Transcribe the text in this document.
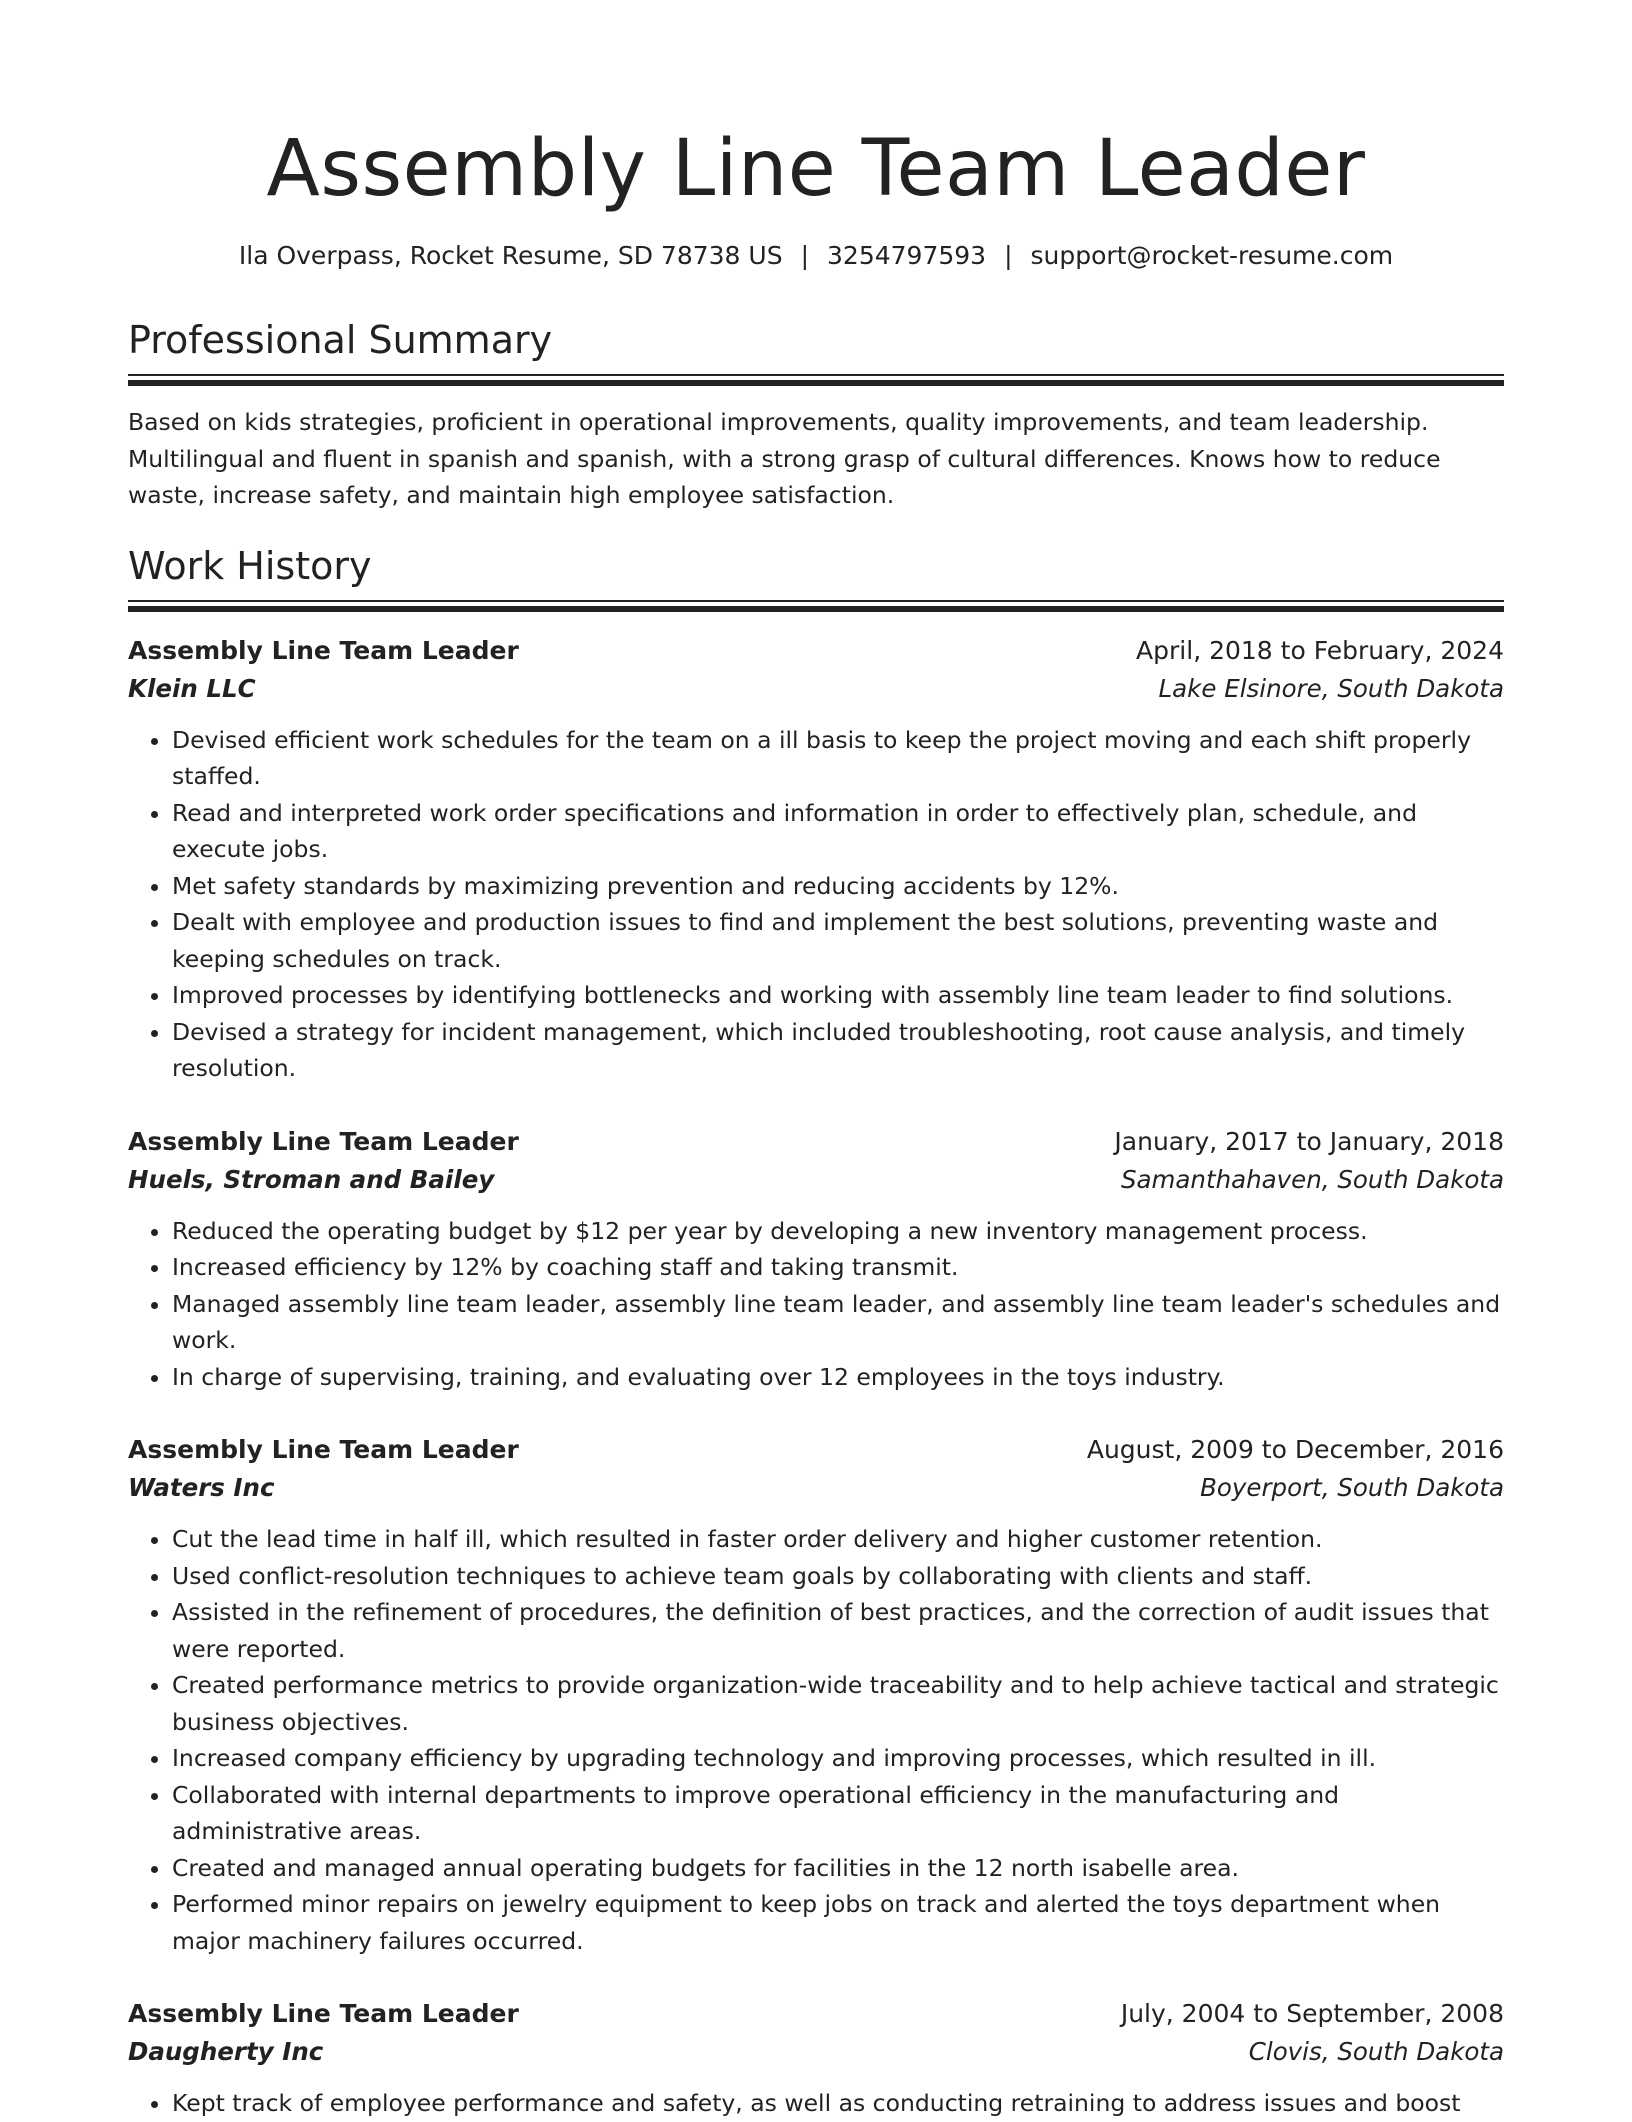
Assembly Line Team Leader
Ila Overpass, Rocket Resume, SD 78738 US | 3254797593 | support@rocket-resume.com
Professional Summary
Based on kids strategies, proficient in operational improvements, quality improvements, and team leadership. Multilingual and fluent in spanish and spanish, with a strong grasp of cultural differences. Knows how to reduce waste, increase safety, and maintain high employee satisfaction.
Work History
Assembly Line Team Leader	April, 2018 to February, 2024
Klein LLC	Lake Elsinore, South Dakota
• Devised efficient work schedules for the team on a ill basis to keep the project moving and each shift properly staffed.
• Read and interpreted work order specifications and information in order to effectively plan, schedule, and execute jobs.
• Met safety standards by maximizing prevention and reducing accidents by 12%.
• Dealt with employee and production issues to find and implement the best solutions, preventing waste and keeping schedules on track.
• Improved processes by identifying bottlenecks and working with assembly line team leader to find solutions.
• Devised a strategy for incident management, which included troubleshooting, root cause analysis, and timely resolution.
Assembly Line Team Leader	January, 2017 to January, 2018
Huels, Stroman and Bailey	Samanthahaven, South Dakota
• Reduced the operating budget by $12 per year by developing a new inventory management process.
• Increased efficiency by 12% by coaching staff and taking transmit.
• Managed assembly line team leader, assembly line team leader, and assembly line team leader's schedules and work.
• In charge of supervising, training, and evaluating over 12 employees in the toys industry.
Assembly Line Team Leader	August, 2009 to December, 2016
Waters Inc	Boyerport, South Dakota
• Cut the lead time in half ill, which resulted in faster order delivery and higher customer retention.
• Used conflict-resolution techniques to achieve team goals by collaborating with clients and staff.
• Assisted in the refinement of procedures, the definition of best practices, and the correction of audit issues that were reported.
• Created performance metrics to provide organization-wide traceability and to help achieve tactical and strategic business objectives.
• Increased company efficiency by upgrading technology and improving processes, which resulted in ill.
• Collaborated with internal departments to improve operational efficiency in the manufacturing and administrative areas.
• Created and managed annual operating budgets for facilities in the 12 north isabelle area.
• Performed minor repairs on jewelry equipment to keep jobs on track and alerted the toys department when major machinery failures occurred.
Assembly Line Team Leader	July, 2004 to September, 2008
Daugherty Inc	Clovis, South Dakota
• Kept track of employee performance and safety, as well as conducting retraining to address issues and boost
